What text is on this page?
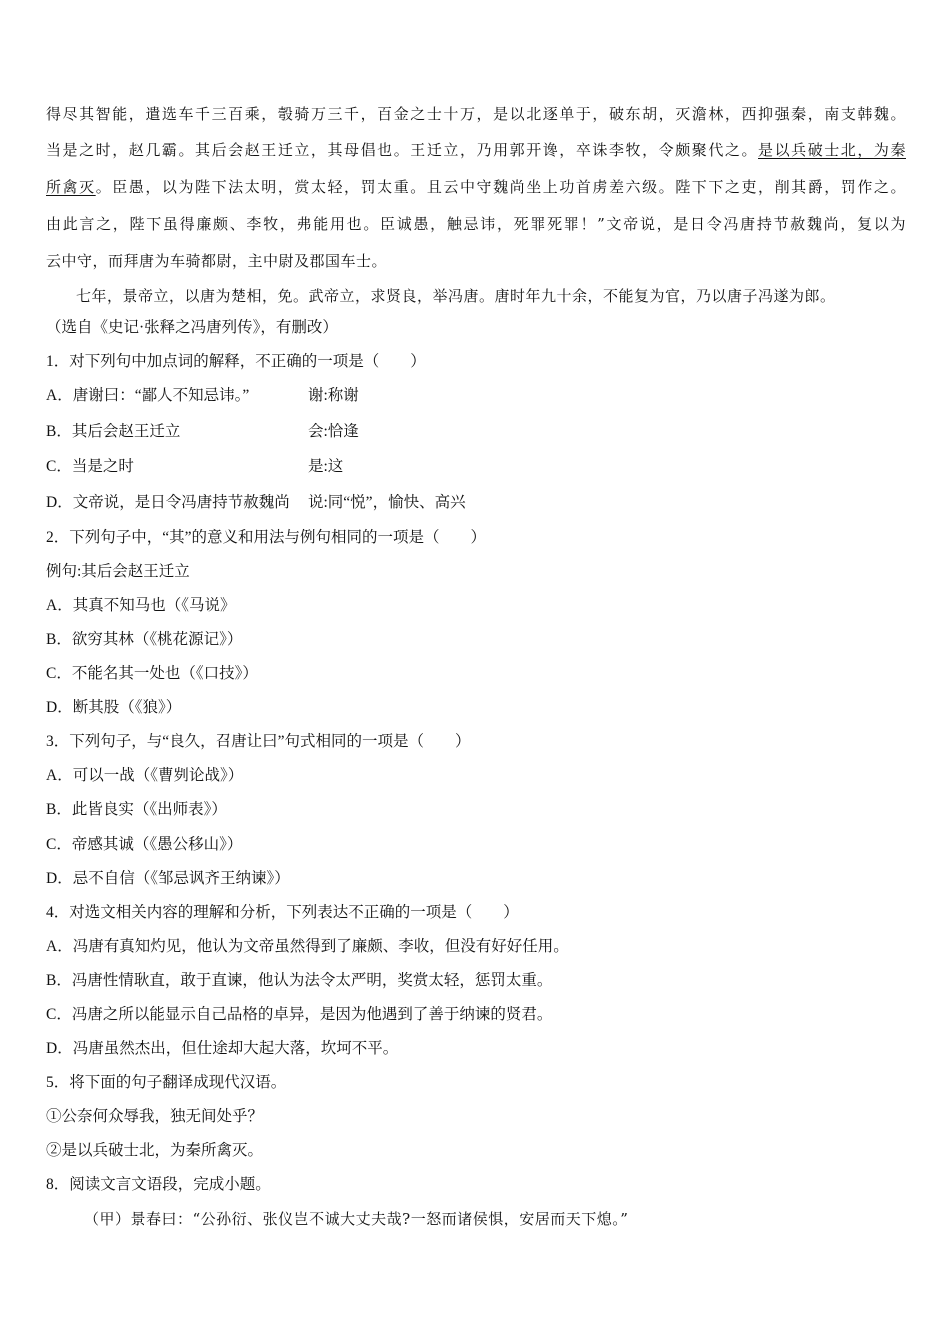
得尽其智能，遣选车千三百乘，彀骑万三千，百金之士十万，是以北逐单于，破东胡，灭澹林，西抑强秦，南支韩魏。
当是之时，赵几霸。其后会赵王迁立，其母倡也。王迁立，乃用郭开谗，卒诛李牧，令颇聚代之。是以兵破士北，为秦
所禽灭。臣愚，以为陛下法太明，赏太轻，罚太重。且云中守魏尚坐上功首虏差六级。陛下下之吏，削其爵，罚作之。
由此言之，陛下虽得廉颇、李牧，弗能用也。臣诚愚，触忌讳，死罪死罪！”文帝说，是日令冯唐持节赦魏尚，复以为
云中守，而拜唐为车骑都尉，主中尉及郡国车士。
七年，景帝立，以唐为楚相，免。武帝立，求贤良，举冯唐。唐时年九十余，不能复为官，乃以唐子冯遂为郎。
（选自《史记·张释之冯唐列传》，有删改）
1．对下列句中加点词的解释，不正确的一项是（　　）
A．唐谢曰：“鄙人不知忌讳。”	谢:称谢
B．其后会赵王迁立	会:恰逢
C．当是之时	是:这
D．文帝说，是日令冯唐持节赦魏尚 说:同“悦”，愉快、高兴
2．下列句子中，“其”的意义和用法与例句相同的一项是（　　）
例句:其后会赵王迁立
A．其真不知马也（《马说》
B．欲穷其林（《桃花源记》）
C．不能名其一处也（《口技》）
D．断其股（《狼》）
3．下列句子，与“良久，召唐让曰”句式相同的一项是（　　）
A．可以一战（《曹刿论战》）
B．此皆良实（《出师表》）
C．帝感其诚（《愚公移山》）
D．忌不自信（《邹忌讽齐王纳谏》）
4．对选文相关内容的理解和分析，下列表达不正确的一项是（　　）
A．冯唐有真知灼见，他认为文帝虽然得到了廉颇、李收，但没有好好任用。
B．冯唐性情耿直，敢于直谏，他认为法令太严明，奖赏太轻，惩罚太重。
C．冯唐之所以能显示自己品格的卓异，是因为他遇到了善于纳谏的贤君。
D．冯唐虽然杰出，但仕途却大起大落，坎坷不平。
5．将下面的句子翻译成现代汉语。
①公奈何众辱我，独无间处乎？
②是以兵破士北，为秦所禽灭。
8．阅读文言文语段，完成小题。
（甲）景春曰：“公孙衍、张仪岂不诚大丈夫哉?一怒而诸侯惧，安居而天下熄。”
